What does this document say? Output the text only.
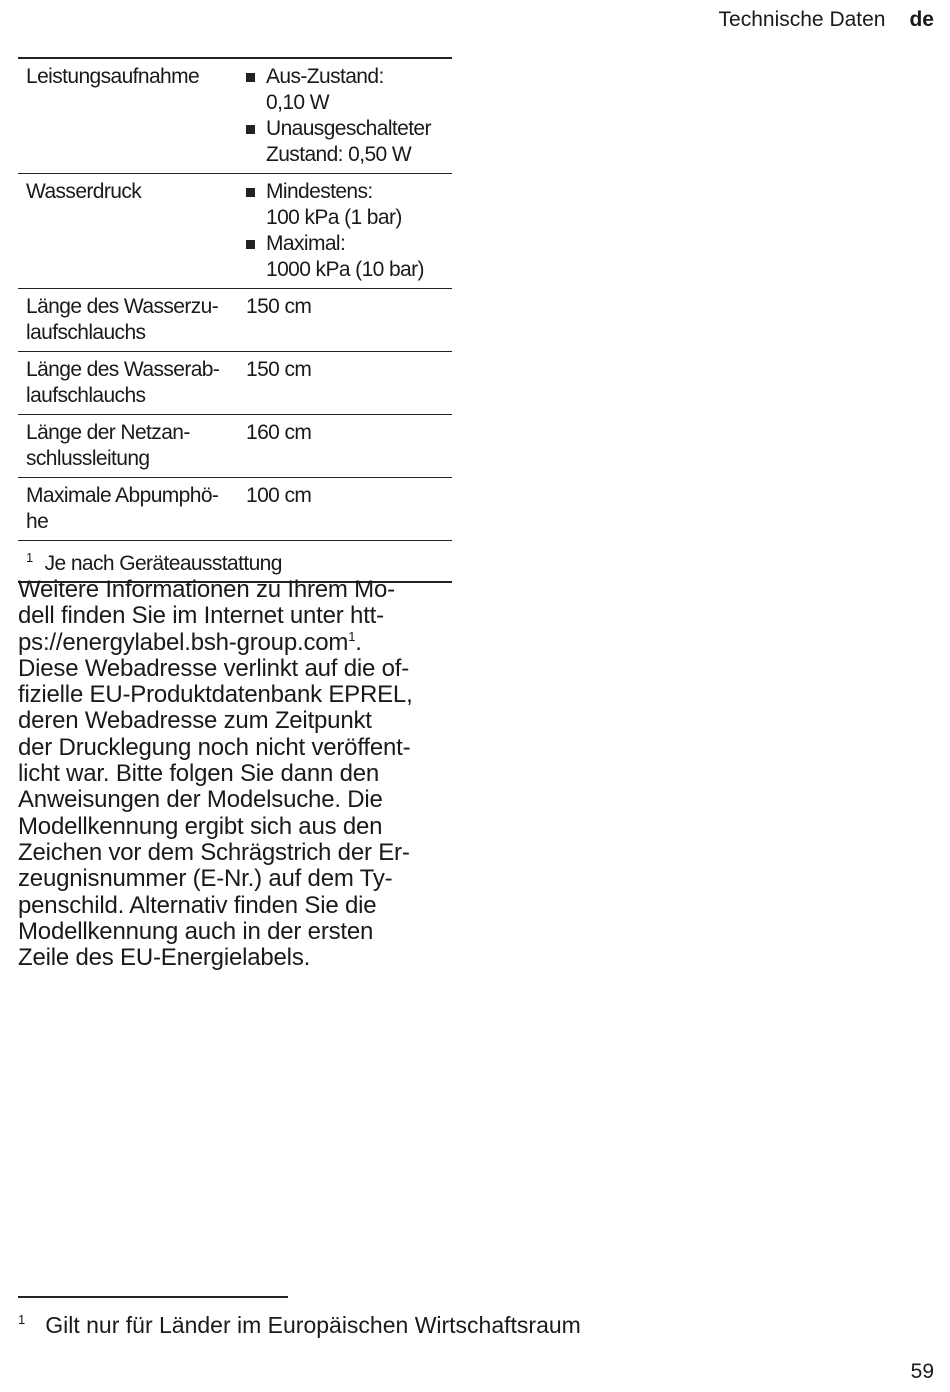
Technische Daten de
Leistungsaufnahme	Aus-Zustand:
0,10 W
Unausgeschalteter
Zustand: 0,50 W
Wasserdruck	Mindestens:
100 kPa (1 bar)
Maximal:
1000 kPa (10 bar)
Länge des Wasserzu-
laufschlauchs
150 cm
Länge des Wasserab-
laufschlauchs
150 cm
Länge der Netzan-
schlussleitung
160 cm
Maximale Abpumphö-
he
100 cm
$^1$ Je nach Geräteausstattung
Weitere Informationen zu Ihrem Mo-
dell finden Sie im Internet unter htt-
ps://energylabel.bsh-group.com$^1$.
Diese Webadresse verlinkt auf die of-
fizielle EU-Produktdatenbank EPREL,
deren Webadresse zum Zeitpunkt
der Drucklegung noch nicht veröffent-
licht war. Bitte folgen Sie dann den
Anweisungen der Modelsuche. Die
Modellkennung ergibt sich aus den
Zeichen vor dem Schrägstrich der Er-
zeugnisnummer (E-Nr.) auf dem Ty-
penschild. Alternativ finden Sie die
Modellkennung auch in der ersten
Zeile des EU-Energielabels.
1 Gilt nur für Länder im Europäischen Wirtschaftsraum
59
